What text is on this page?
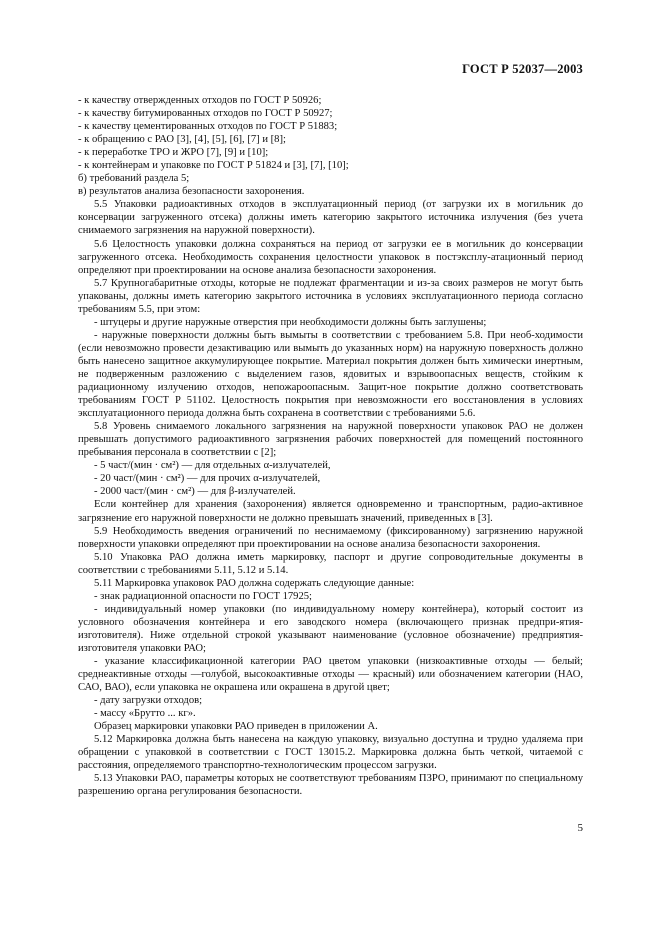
ГОСТ Р 52037—2003

- к качеству отвержденных отходов по ГОСТ Р 50926;

- к качеству битумированных отходов по ГОСТ Р 50927;

- к качеству цементированных отходов по ГОСТ Р 51883;

- к обращению с РАО [3], [4], [5], [6], [7] и [8];

- к переработке ТРО и ЖРО [7], [9] и [10];

- к контейнерам и упаковке по ГОСТ Р 51824 и [3], [7], [10];

б) требований раздела 5;

в) результатов анализа безопасности захоронения.

5.5 Упаковки радиоактивных отходов в эксплуатационный период (от загрузки их в могильник до консервации загруженного отсека) должны иметь категорию закрытого источника излучения (без учета снимаемого загрязнения на наружной поверхности).

5.6 Целостность упаковки должна сохраняться на период от загрузки ее в могильник до консервации загруженного отсека. Необходимость сохранения целостности упаковок в постэксплу-атационный период определяют при проектировании на основе анализа безопасности захоронения.

5.7 Крупногабаритные отходы, которые не подлежат фрагментации и из-за своих размеров не могут быть упакованы, должны иметь категорию закрытого источника в условиях эксплуатационного периода согласно требованиям 5.5, при этом:

- штуцеры и другие наружные отверстия при необходимости должны быть заглушены;

- наружные поверхности должны быть вымыты в соответствии с требованием 5.8. При необ-ходимости (если невозможно провести дезактивацию или вымыть до указанных норм) на наружную поверхность должно быть нанесено защитное аккумулирующее покрытие. Материал покрытия должен быть химически инертным, не подверженным разложению с выделением газов, ядовитых и взрывоопасных веществ, стойким к радиационному излучению отходов, непожароопасным. Защит-ное покрытие должно соответствовать требованиям ГОСТ Р 51102. Целостность покрытия при невозможности его восстановления в условиях эксплуатационного периода должна быть сохранена в соответствии с требованиями 5.6.

5.8 Уровень снимаемого локального загрязнения на наружной поверхности упаковок РАО не должен превышать допустимого радиоактивного загрязнения рабочих поверхностей для помещений постоянного пребывания персонала в соответствии с [2];

- 5 част/(мин · см²) — для отдельных α-излучателей,

- 20 част/(мин · см²) — для прочих α-излучателей,

- 2000 част/(мин · см²) — для β-излучателей.

Если контейнер для хранения (захоронения) является одновременно и транспортным, радио-активное загрязнение его наружной поверхности не должно превышать значений, приведенных в [3].

5.9 Необходимость введения ограничений по неснимаемому (фиксированному) загрязнению наружной поверхности упаковки определяют при проектировании на основе анализа безопасности захоронения.

5.10 Упаковка РАО должна иметь маркировку, паспорт и другие сопроводительные документы в соответствии с требованиями 5.11, 5.12 и 5.14.

5.11 Маркировка упаковок РАО должна содержать следующие данные:

- знак радиационной опасности по ГОСТ 17925;

- индивидуальный номер упаковки (по индивидуальному номеру контейнера), который состоит из условного обозначения контейнера и его заводского номера (включающего признак предпри-ятия-изготовителя). Ниже отдельной строкой указывают наименование (условное обозначение) предприятия-изготовителя упаковки РАО;

- указание классификационной категории РАО цветом упаковки (низкоактивные отходы — белый; среднеактивные отходы —голубой, высокоактивные отходы — красный) или обозначением категории (НАО, САО, ВАО), если упаковка не окрашена или окрашена в другой цвет;

- дату загрузки отходов;

- массу «Брутто ... кг».

Образец маркировки упаковки РАО приведен в приложении А.

5.12 Маркировка должна быть нанесена на каждую упаковку, визуально доступна и трудно удаляема при обращении с упаковкой в соответствии с ГОСТ 13015.2. Маркировка должна быть четкой, читаемой с расстояния, определяемого транспортно-технологическим процессом загрузки.

5.13 Упаковки РАО, параметры которых не соответствуют требованиям ПЗРО, принимают по специальному разрешению органа регулирования безопасности.

5
